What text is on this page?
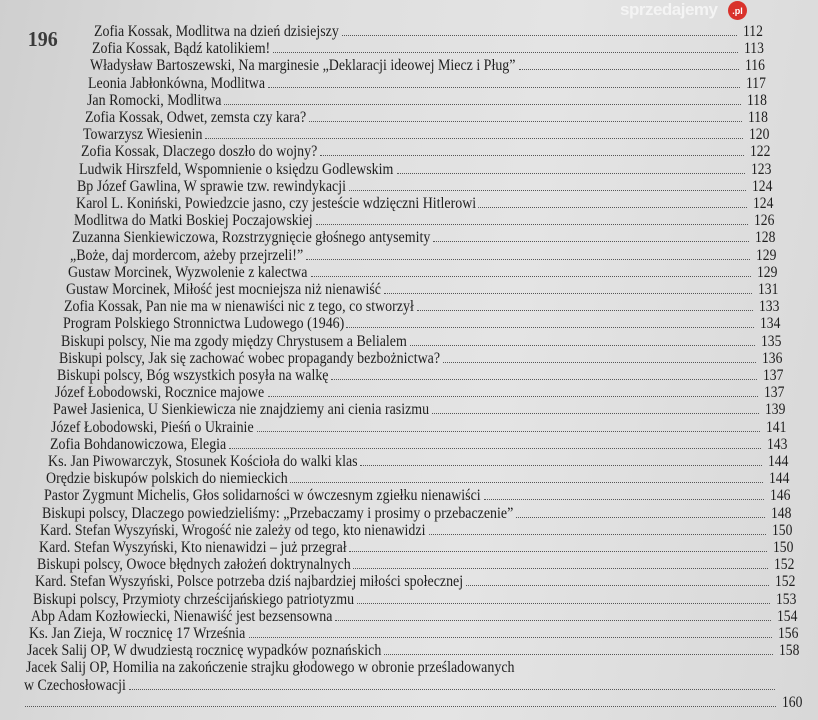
196 Zofia Kossak, Modlitwa na dzień dzisiejszy	112
Zofia Kossak, Bądź katolikiem!	113
Władysław Bartoszewski, Na marginesie „Deklaracji ideowej Miecz i Pług”	116
Leonia Jabłonkówna, Modlitwa	117
Jan Romocki, Modlitwa	118
Zofia Kossak, Odwet, zemsta czy kara?	118
Towarzysz Wiesienin	120
Zofia Kossak, Dlaczego doszło do wojny?	122
Ludwik Hirszfeld, Wspomnienie o księdzu Godlewskim	123
Bp Józef Gawlina, W sprawie tzw. rewindykacji	124
Karol L. Koniński, Powiedzcie jasno, czy jesteście wdzięczni Hitlerowi	124
Modlitwa do Matki Boskiej Poczajowskiej	126
Zuzanna Sienkiewiczowa, Rozstrzygnięcie głośnego antysemity	128
„Boże, daj mordercom, ażeby przejrzeli!”	129
Gustaw Morcinek, Wyzwolenie z kalectwa	129
Gustaw Morcinek, Miłość jest mocniejsza niż nienawiść	131
Zofia Kossak, Pan nie ma w nienawiści nic z tego, co stworzył	133
Program Polskiego Stronnictwa Ludowego (1946)	134
Biskupi polscy, Nie ma zgody między Chrystusem a Belialem	135
Biskupi polscy, Jak się zachować wobec propagandy bezbożnictwa?	136
Biskupi polscy, Bóg wszystkich posyła na walkę	137
Józef Łobodowski, Rocznice majowe	137
Paweł Jasienica, U Sienkiewicza nie znajdziemy ani cienia rasizmu	139
Józef Łobodowski, Pieśń o Ukrainie	141
Zofia Bohdanowiczowa, Elegia	143
Ks. Jan Piwowarczyk, Stosunek Kościoła do walki klas	144
Orędzie biskupów polskich do niemieckich	144
Pastor Zygmunt Michelis, Głos solidarności w ówczesnym zgiełku nienawiści	146
Biskupi polscy, Dlaczego powiedzieliśmy: „Przebaczamy i prosimy o przebaczenie”	148
Kard. Stefan Wyszyński, Wrogość nie zależy od tego, kto nienawidzi	150
Kard. Stefan Wyszyński, Kto nienawidzi – już przegrał	150
Biskupi polscy, Owoce błędnych założeń doktrynalnych	152
Kard. Stefan Wyszyński, Polsce potrzeba dziś najbardziej miłości społecznej	152
Biskupi polscy, Przymioty chrześcijańskiego patriotyzmu	153
Abp Adam Kozłowiecki, Nienawiść jest bezsensowna	154
Ks. Jan Zieja, W rocznicę 17 Września	156
Jacek Salij OP, W dwudziestą rocznicę wypadków poznańskich	158
Jacek Salij OP, Homilia na zakończenie strajku głodowego w obronie prześladowanych
w Czechosłowacji
160
sprzedajemy	.pl
